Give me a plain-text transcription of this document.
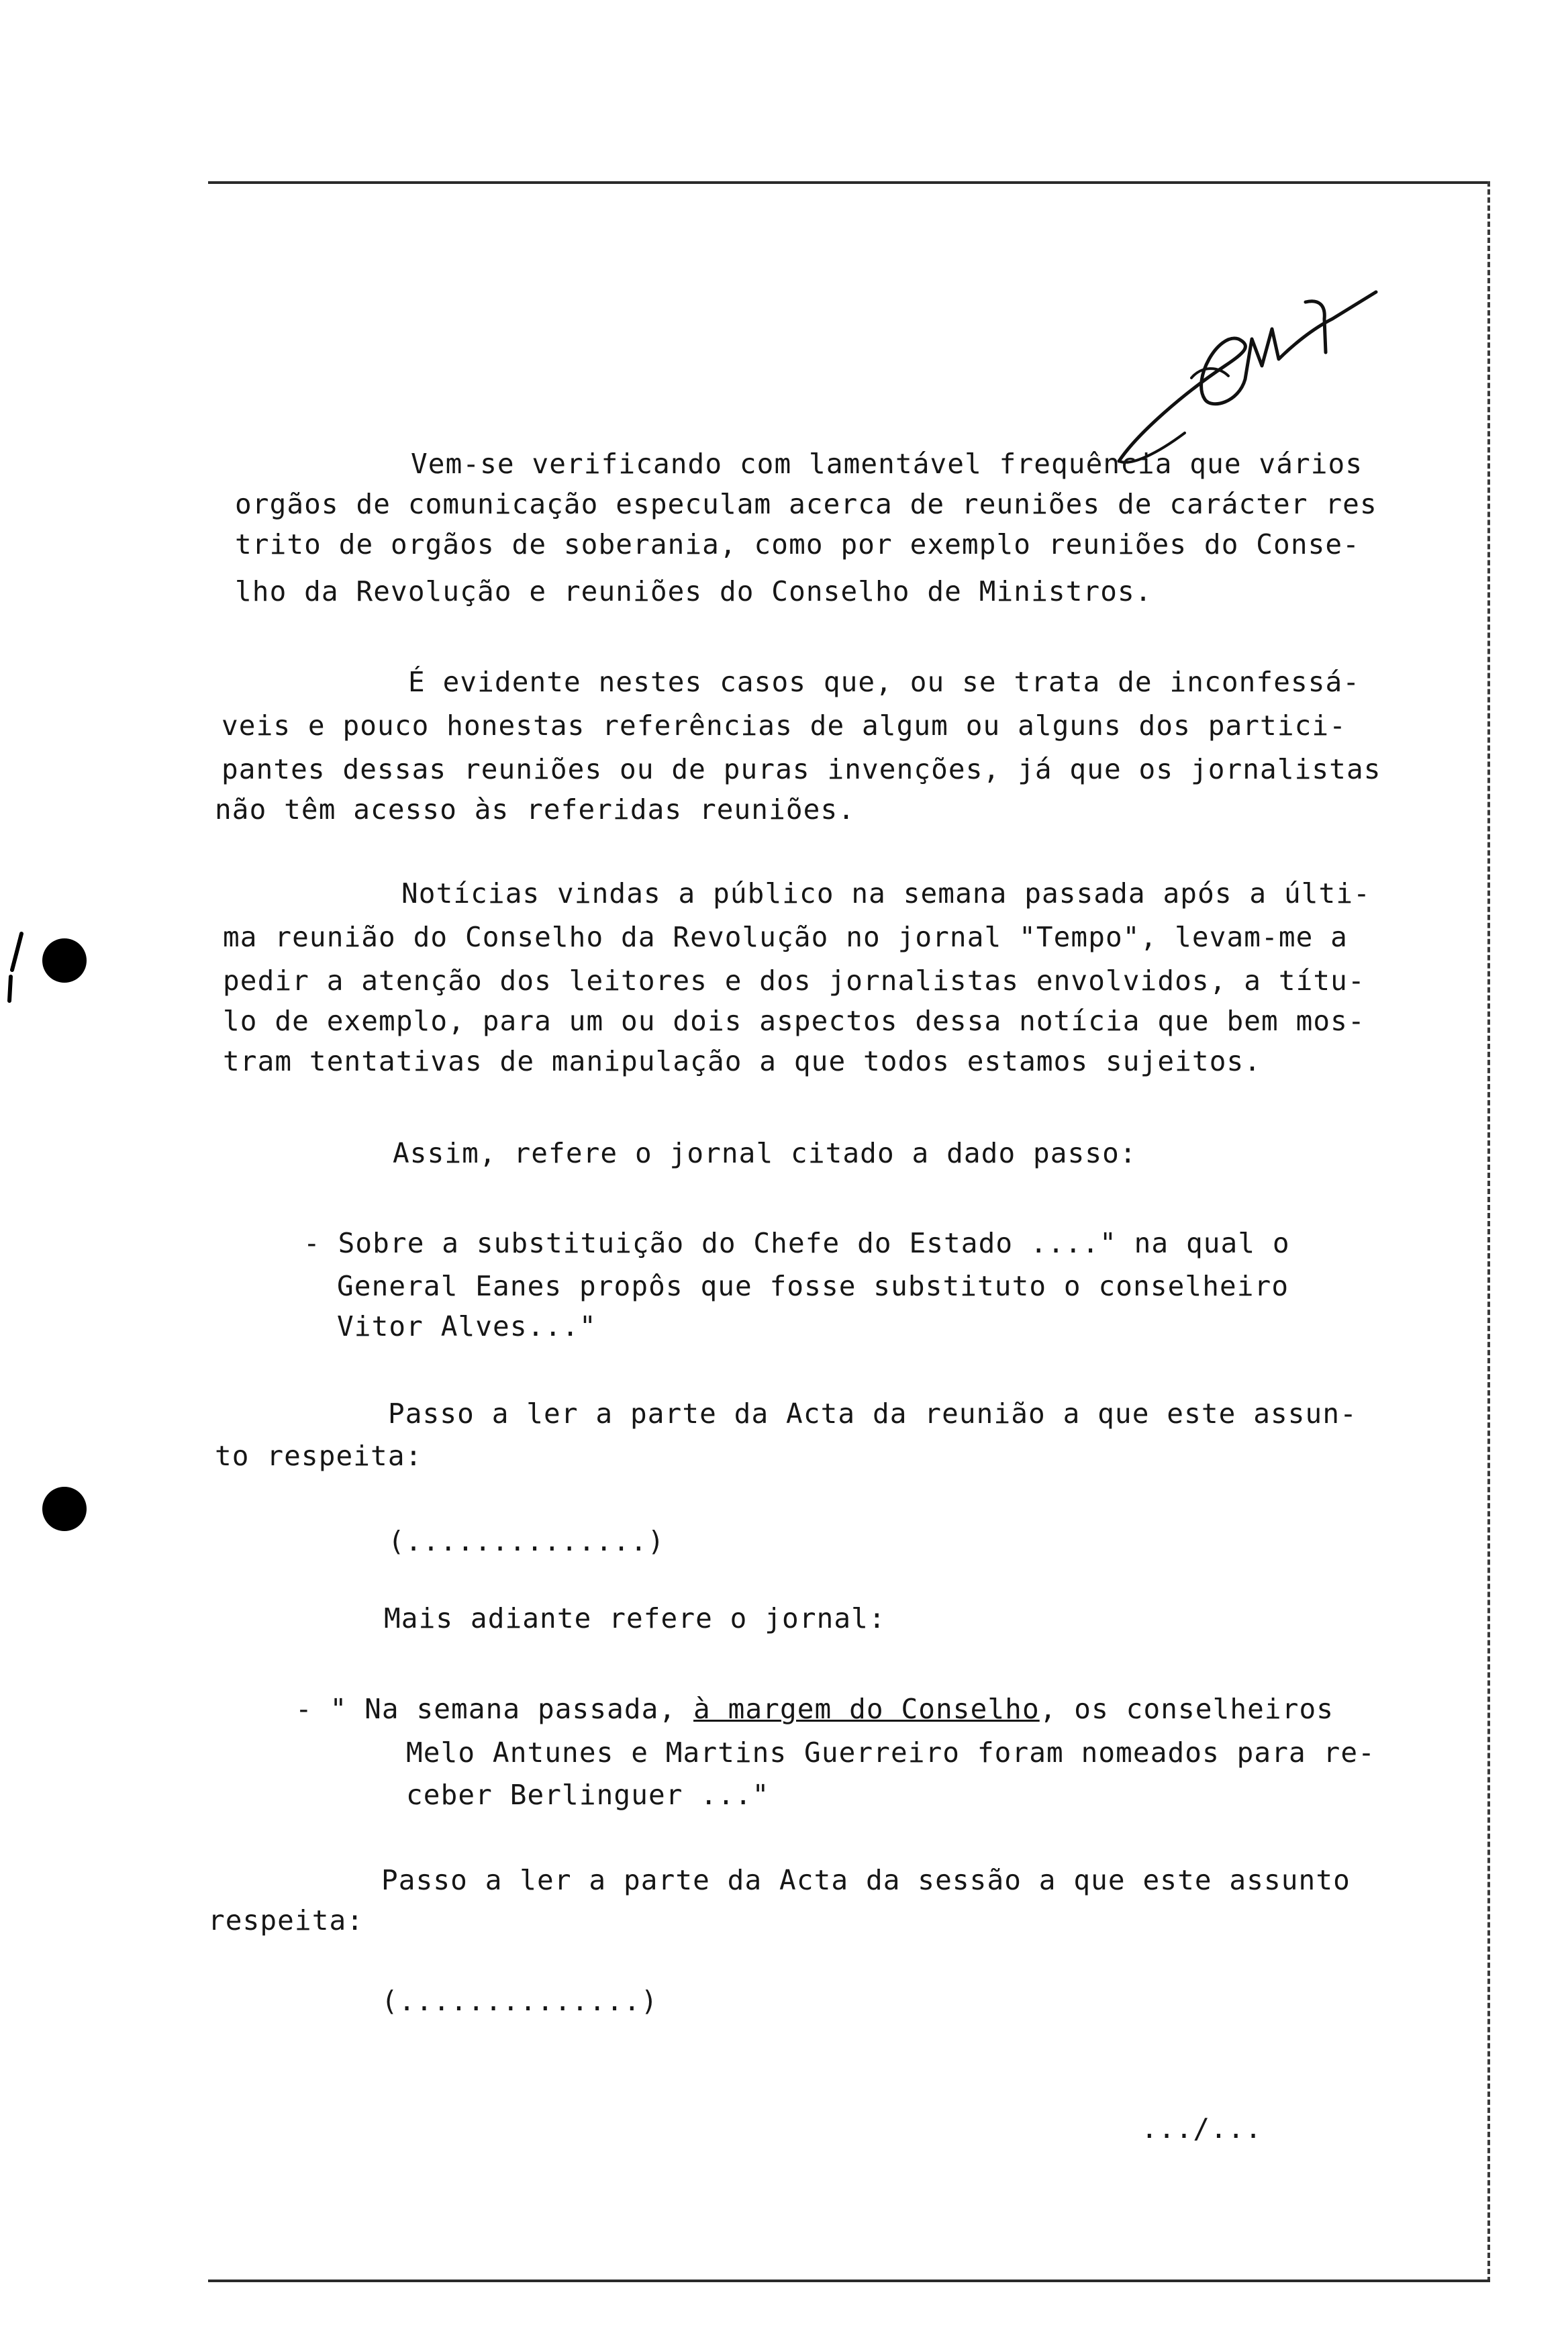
Vem-se verificando com lamentável frequência que vários
orgãos de comunicação especulam acerca de reuniões de carácter res
trito de orgãos de soberania, como por exemplo reuniões do Conse-
lho da Revolução e reuniões do Conselho de Ministros.
É evidente nestes casos que, ou se trata de inconfessá-
veis e pouco honestas referências de algum ou alguns dos partici-
pantes dessas reuniões ou de puras invenções, já que os jornalistas
não têm acesso às referidas reuniões.
Notícias vindas a público na semana passada após a últi-
ma reunião do Conselho da Revolução no jornal "Tempo", levam-me a
pedir a atenção dos leitores e dos jornalistas envolvidos, a títu-
lo de exemplo, para um ou dois aspectos dessa notícia que bem mos-
tram tentativas de manipulação a que todos estamos sujeitos.
Assim, refere o jornal citado a dado passo:
- Sobre a substituição do Chefe do Estado ...." na qual o
General Eanes propôs que fosse substituto o conselheiro
Vitor Alves..."
Passo a ler a parte da Acta da reunião a que este assun-
to respeita:
(..............)
Mais adiante refere o jornal:
- " Na semana passada, à margem do Conselho, os conselheiros
Melo Antunes e Martins Guerreiro foram nomeados para re-
ceber Berlinguer ..."
Passo a ler a parte da Acta da sessão a que este assunto
respeita:
(..............)
.../...
